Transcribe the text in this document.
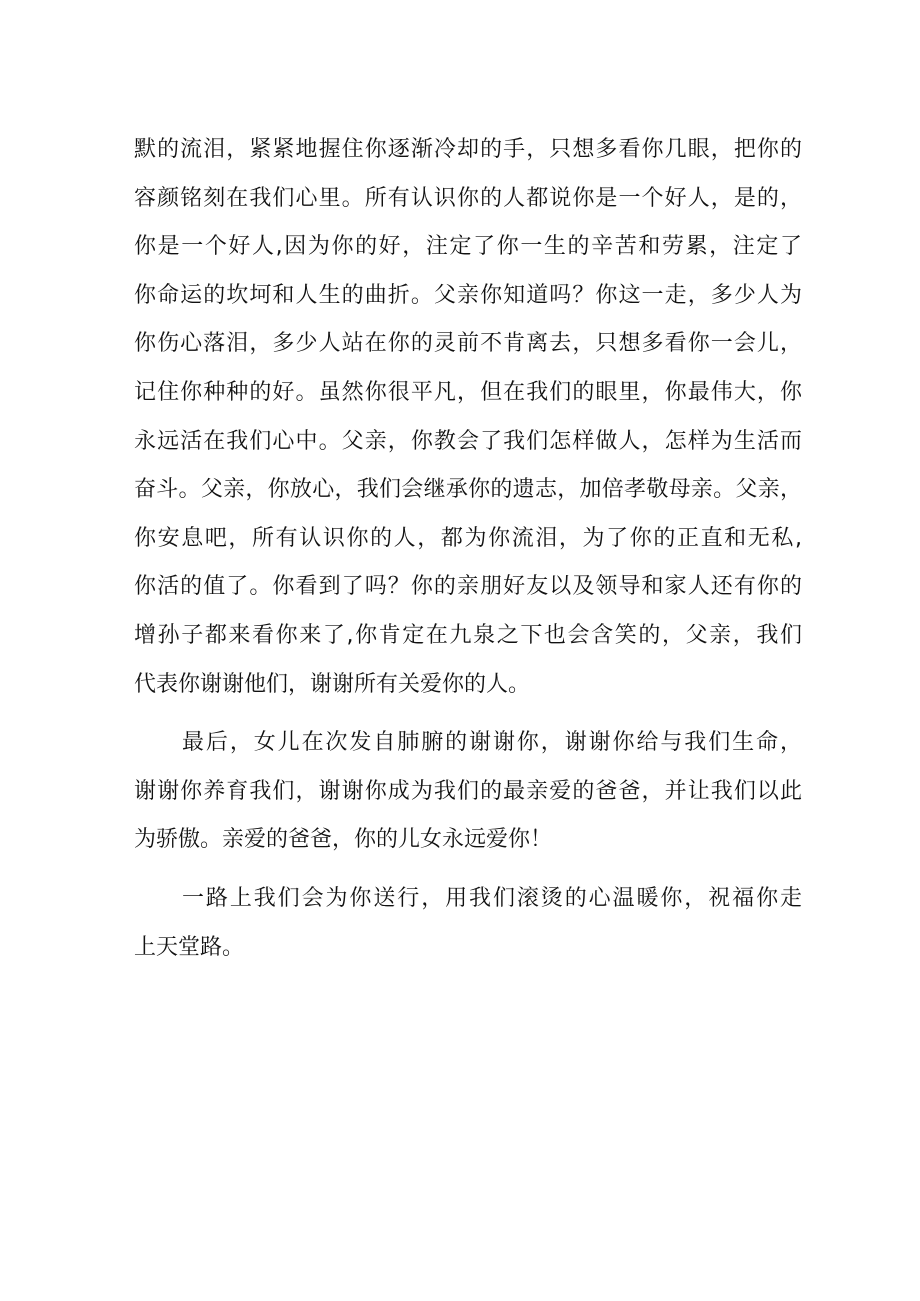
默的流泪，紧紧地握住你逐渐冷却的手，只想多看你几眼，把你的
容颜铭刻在我们心里。所有认识你的人都说你是一个好人，是的，
你是一个好人,因为你的好，注定了你一生的辛苦和劳累，注定了
你命运的坎坷和人生的曲折。父亲你知道吗？你这一走，多少人为
你伤心落泪，多少人站在你的灵前不肯离去，只想多看你一会儿，
记住你种种的好。虽然你很平凡，但在我们的眼里，你最伟大，你
永远活在我们心中。父亲，你教会了我们怎样做人，怎样为生活而
奋斗。父亲，你放心，我们会继承你的遗志，加倍孝敬母亲。父亲，
你安息吧，所有认识你的人，都为你流泪，为了你的正直和无私,
你活的值了。你看到了吗？你的亲朋好友以及领导和家人还有你的
增孙子都来看你来了,你肯定在九泉之下也会含笑的，父亲，我们
代表你谢谢他们，谢谢所有关爱你的人。
最后，女儿在次发自肺腑的谢谢你，谢谢你给与我们生命，
谢谢你养育我们，谢谢你成为我们的最亲爱的爸爸，并让我们以此
为骄傲。亲爱的爸爸，你的儿女永远爱你！
一路上我们会为你送行，用我们滚烫的心温暖你，祝福你走
上天堂路。
